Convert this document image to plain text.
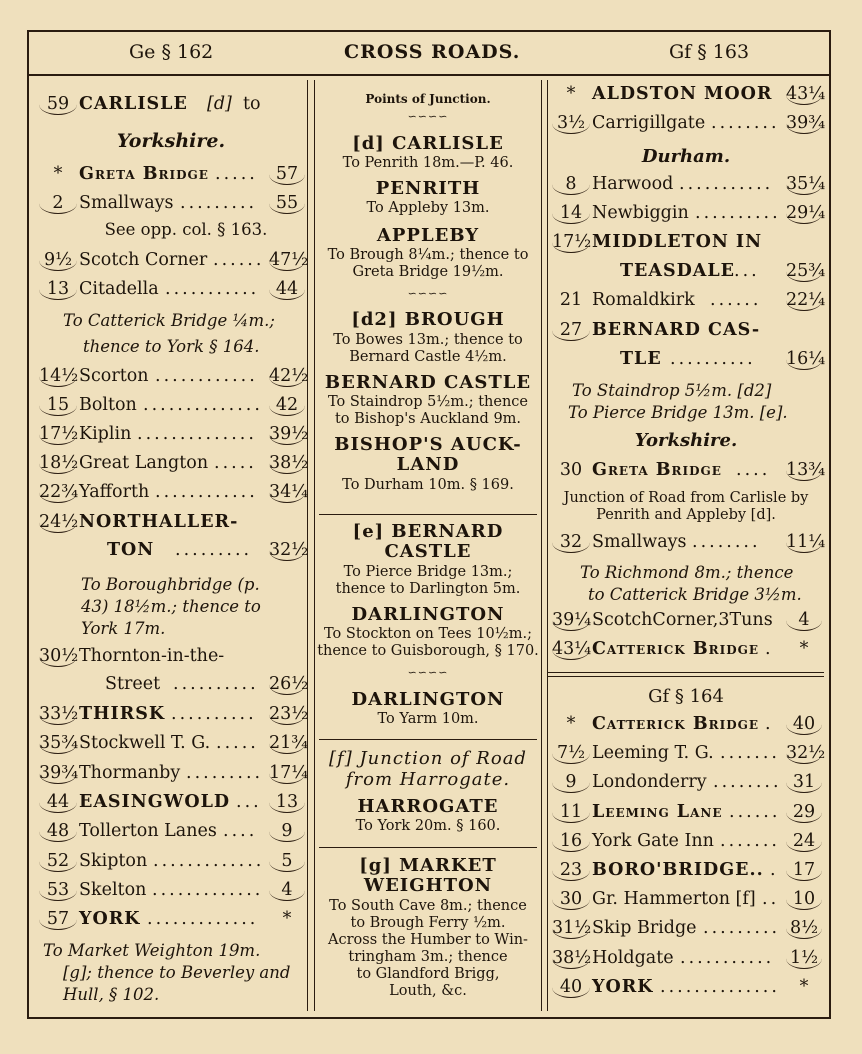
Ge § 162	CROSS ROADS.	Gf § 163
59 CARLISLE [d] to
Yorkshire.
* Greta Bridge .....	57
2 Smallways .........	55
See opp. col. § 163.
9½ Scotch Corner ...... 47½
13 Citadella ........... 44
To Catterick Bridge ¼m.;
thence to York § 164.
14½ Scorton ............ 42½
15 Bolton .............. 42
17½ Kiplin .............. 39½
18½ Great Langton ..... 38½
22¾ Yafforth ............ 34¼
24½ NORTHALLER-
TON ......... 32½
To Boroughbridge (p.
43) 18½m.; thence to
York 17m.
30½ Thornton-in-the-
Street .......... 26½
33½ THIRSK .......... 23½
35¾ Stockwell T. G. ..... 21¾
39¾ Thormanby ......... 17¼
44 EASINGWOLD ... 13
48 Tollerton Lanes ....	9
52 Skipton ............. 5
53 Skelton .............	4
57 YORK .............	*
To Market Weighton 19m.
[g]; thence to Beverley and
Hull, § 102.
Points of Junction.
∽∽∽∽
[d] CARLISLE
To Penrith 18m.—P. 46.
PENRITH
To Appleby 13m.
APPLEBY
To Brough 8¼m.; thence to
Greta Bridge 19½m.
∽∽∽∽
[d2] BROUGH
To Bowes 13m.; thence to
Bernard Castle 4½m.
BERNARD CASTLE
To Staindrop 5½m.; thence
to Bishop's Auckland 9m.
BISHOP'S AUCK-
LAND
To Durham 10m. § 169.
[e] BERNARD
CASTLE
To Pierce Bridge 13m.;
thence to Darlington 5m.
DARLINGTON
To Stockton on Tees 10½m.;
thence to Guisborough, § 170.
∽∽∽∽
DARLINGTON
To Yarm 10m.
[f] Junction of Road
from Harrogate.
HARROGATE
To York 20m. § 160.
[g] MARKET
WEIGHTON
To South Cave 8m.; thence
to Brough Ferry ½m.
Across the Humber to Win-
tringham 3m.; thence
to Glandford Brigg,
Louth, &c.
* ALDSTON MOOR 43¼
3½ Carrigillgate ........ 39¾
Durham.
8 Harwood ........... 35¼
14 Newbiggin .......... 29¼
17½ MIDDLETON IN
TEASDALE ... 25¾
21 Romaldkirk ...... 22¼
27 BERNARD CAS-
TLE .......... 16¼
To Staindrop 5½m. [d2]
To Pierce Bridge 13m. [e].
Yorkshire.
30 Greta Bridge .... 13¾
Junction of Road from Carlisle by
Penrith and Appleby [d].
32 Smallways ........ 11¼
To Richmond 8m.; thence
to Catterick Bridge 3½m.
39¼ ScotchCorner,3Tuns	4
43¼ Catterick Bridge .	*
Gf § 164
* Catterick Bridge .	40
7½ Leeming T. G. ....... 32½
9 Londonderry ........ 31
11 Leeming Lane ...... 29
16 York Gate Inn ....... 24
23 BORO'BRIDGE.. . 17
30 Gr. Hammerton [f] .. 10
31½ Skip Bridge ......... 8½
38½ Holdgate ........... 1½
40 YORK ..............	*
